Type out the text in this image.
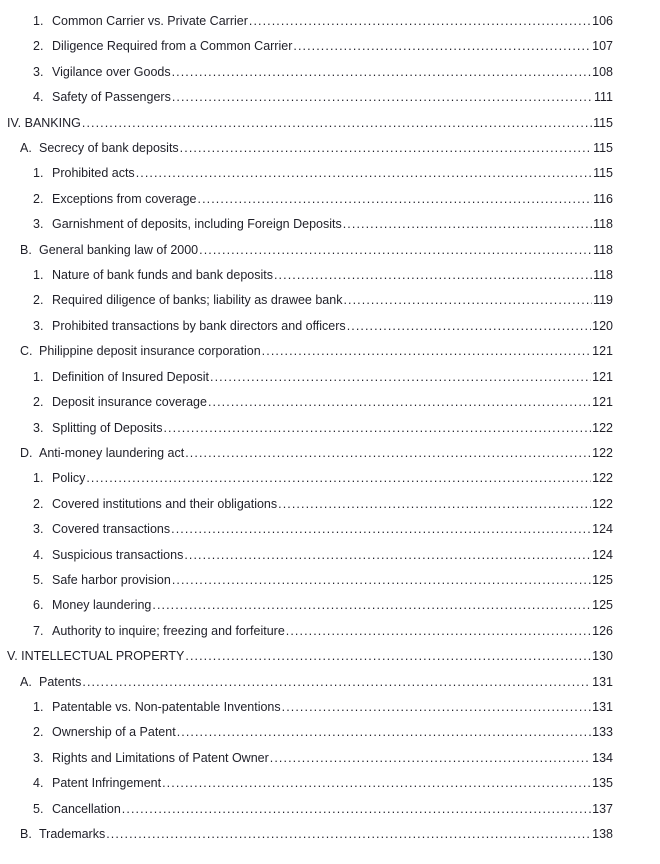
1. Common Carrier vs. Private Carrier .....	106
2. Diligence Required from a Common Carrier .....	107
3. Vigilance over Goods .....	108
4. Safety of Passengers .....	111
IV. BANKING .....	115
A. Secrecy of bank deposits .....	115
1. Prohibited acts .....	115
2. Exceptions from coverage .....	116
3. Garnishment of deposits, including Foreign Deposits .....	118
B. General banking law of 2000 .....	118
1. Nature of bank funds and bank deposits .....	118
2. Required diligence of banks; liability as drawee bank .....	119
3. Prohibited transactions by bank directors and officers .....	120
C. Philippine deposit insurance corporation .....	121
1. Definition of Insured Deposit .....	121
2. Deposit insurance coverage .....	121
3. Splitting of Deposits .....	122
D. Anti-money laundering act .....	122
1. Policy .....	122
2. Covered institutions and their obligations .....	122
3. Covered transactions .....	124
4. Suspicious transactions .....	124
5. Safe harbor provision .....	125
6. Money laundering .....	125
7. Authority to inquire; freezing and forfeiture .....	126
V. INTELLECTUAL PROPERTY .....	130
A. Patents .....	131
1. Patentable vs. Non-patentable Inventions .....	131
2. Ownership of a Patent .....	133
3. Rights and Limitations of Patent Owner .....	134
4. Patent Infringement .....	135
5. Cancellation .....	137
B. Trademarks .....	138
